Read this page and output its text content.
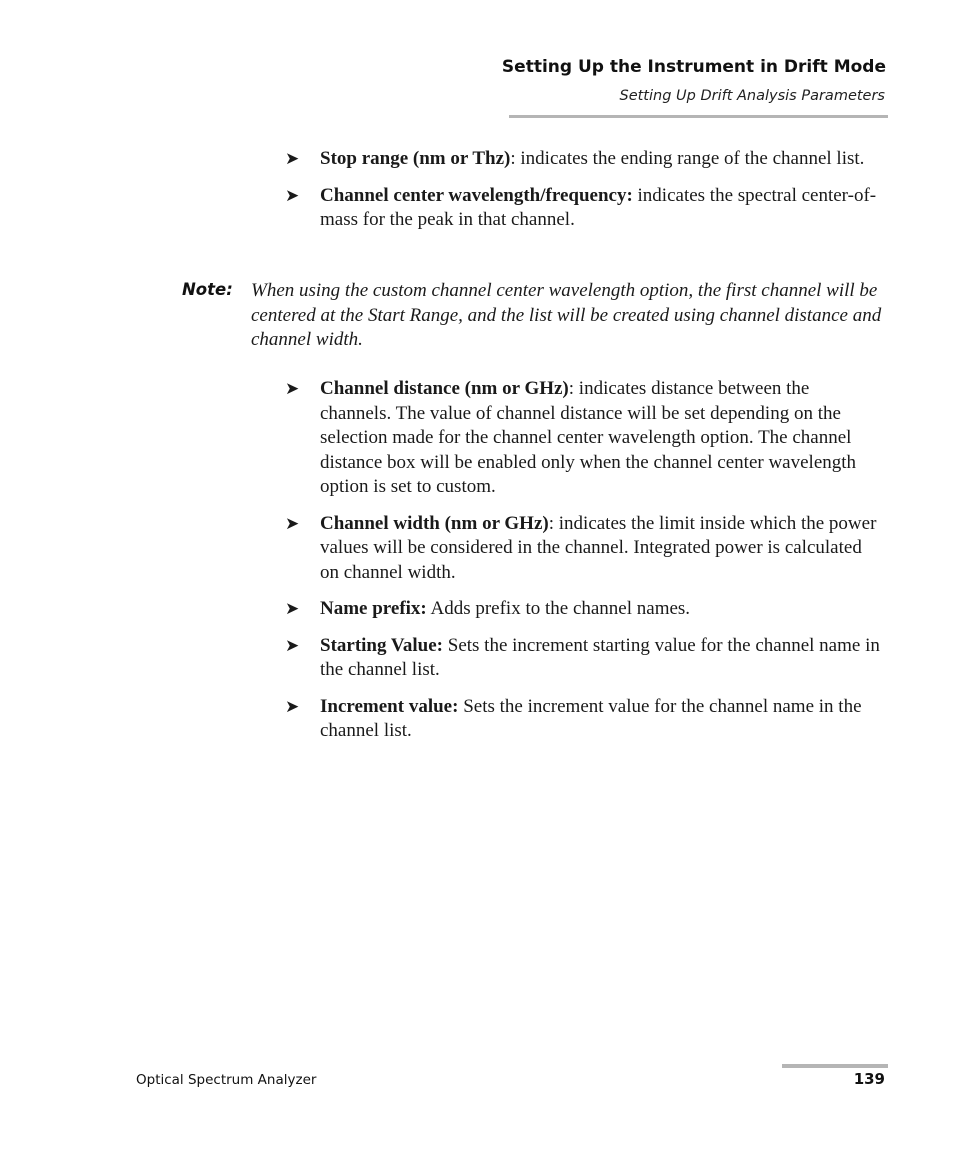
Setting Up the Instrument in Drift Mode
Setting Up Drift Analysis Parameters
➤ Stop range (nm or Thz): indicates the ending range of the channel list.
➤ Channel center wavelength/frequency: indicates the spectral center-of-mass for the peak in that channel.
Note: When using the custom channel center wavelength option, the first channel will be centered at the Start Range, and the list will be created using channel distance and channel width.
➤ Channel distance (nm or GHz): indicates distance between the channels. The value of channel distance will be set depending on the selection made for the channel center wavelength option. The channel distance box will be enabled only when the channel center wavelength option is set to custom.
➤ Channel width (nm or GHz): indicates the limit inside which the power values will be considered in the channel. Integrated power is calculated on channel width.
➤ Name prefix: Adds prefix to the channel names.
➤ Starting Value: Sets the increment starting value for the channel name in the channel list.
➤ Increment value: Sets the increment value for the channel name in the channel list.
Optical Spectrum Analyzer	139
